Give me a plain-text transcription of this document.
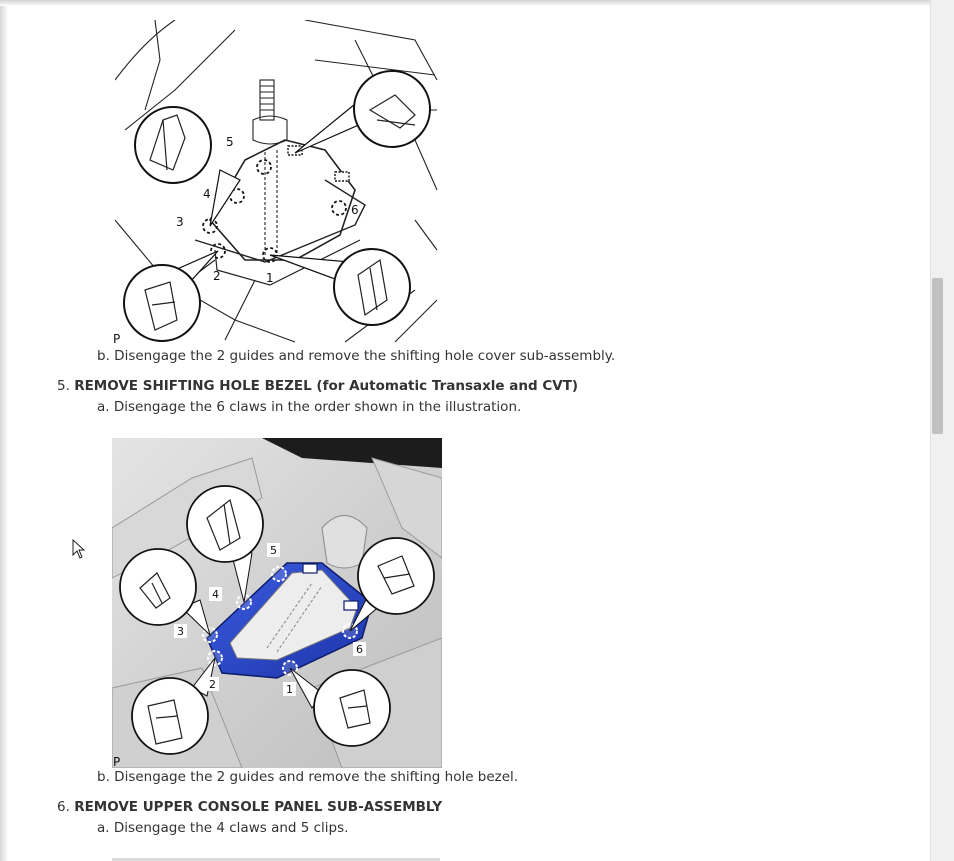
1
2
3
4
5
6
P
b. Disengage the 2 guides and remove the shifting hole cover sub-assembly.
5. REMOVE SHIFTING HOLE BEZEL (for Automatic Transaxle and CVT)
a. Disengage the 6 claws in the order shown in the illustration.
1
2
3
4
5
6
P
b. Disengage the 2 guides and remove the shifting hole bezel.
6. REMOVE UPPER CONSOLE PANEL SUB-ASSEMBLY
a. Disengage the 4 claws and 5 clips.
